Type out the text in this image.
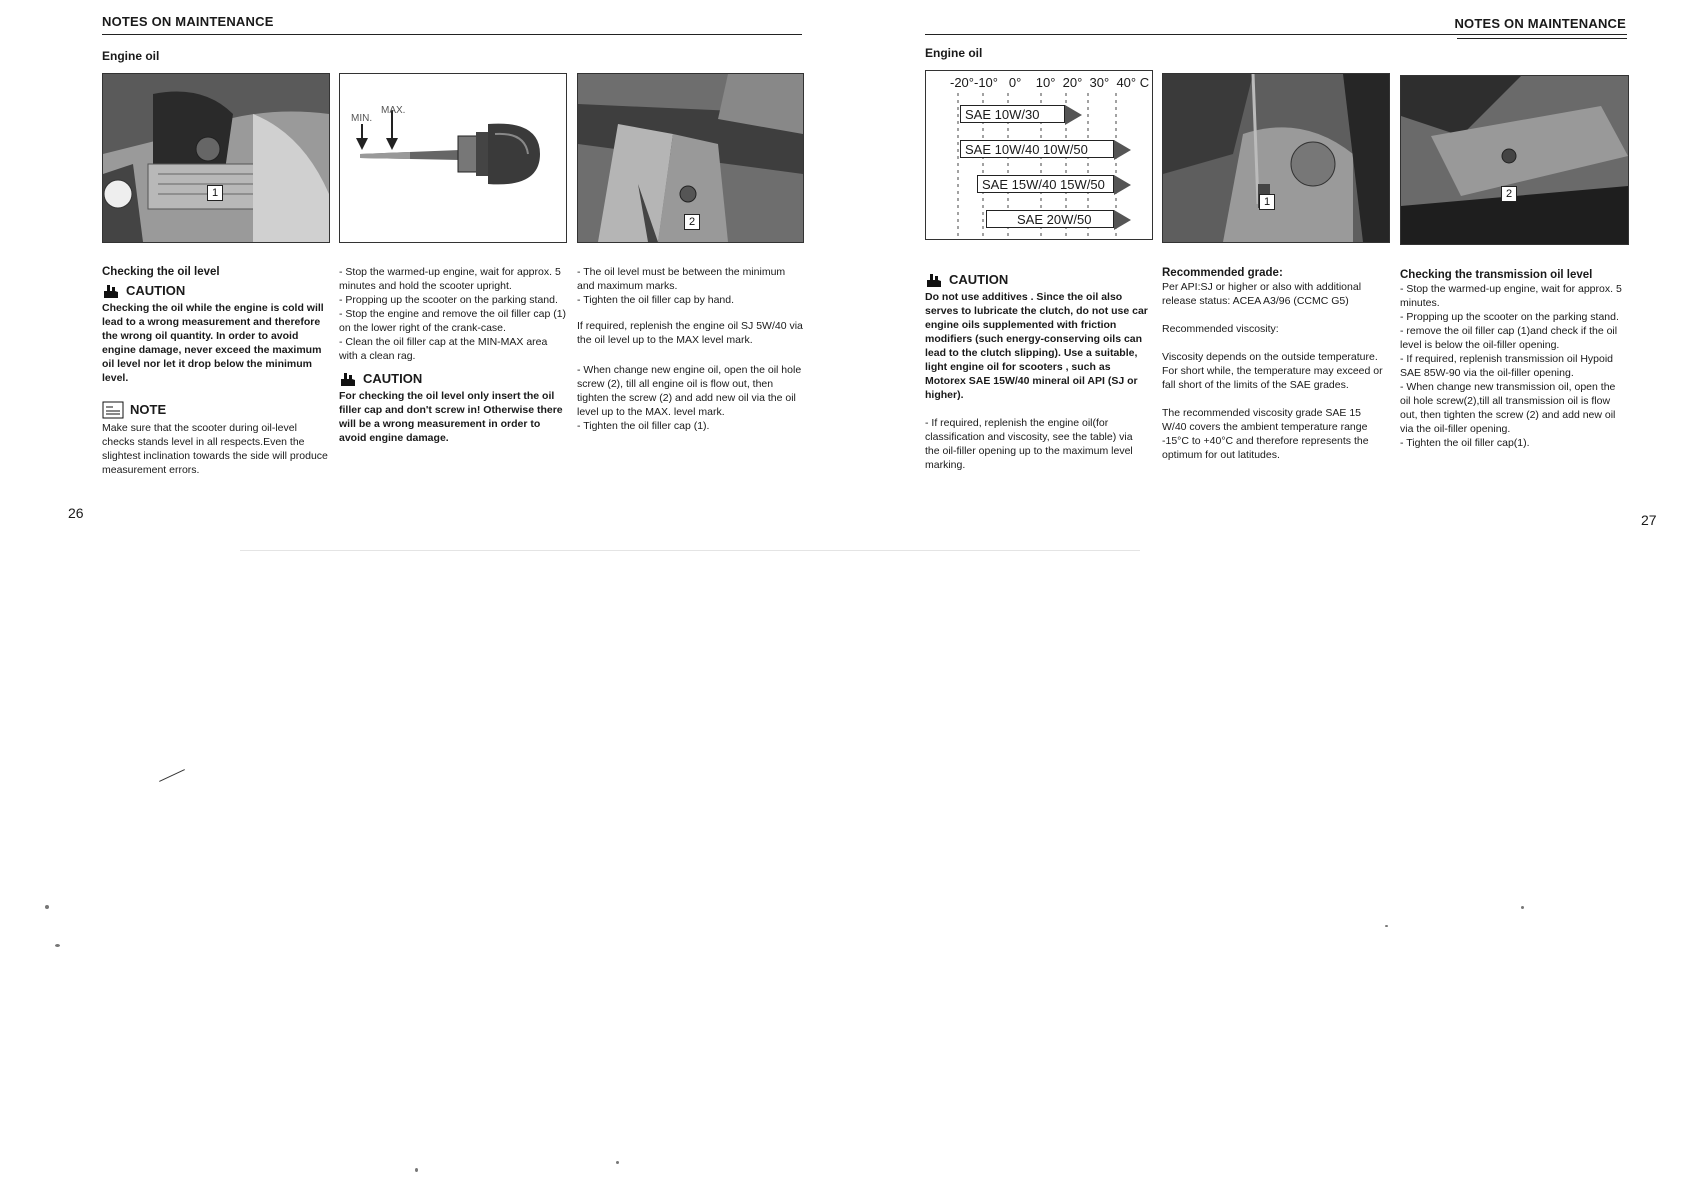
NOTES ON MAINTENANCE
Engine oil
1
MAX.
MIN.
2

Checking the oil level

CAUTION

Checking the oil while the engine is cold will lead to a wrong measurement and therefore the wrong oil quantity. In order to avoid engine damage, never exceed the maximum oil level nor let it drop below the minimum level.

NOTE

Make sure that the scooter during oil-level checks stands level in all respects.Even the slightest inclination towards the side will produce measurement errors.

- Stop the warmed-up engine, wait for approx. 5 minutes and hold the scooter upright.

- Propping up the scooter on the parking stand.

- Stop the engine and remove the oil filler cap (1) on the lower right of the crank-case.

- Clean the oil filler cap at the MIN-MAX area with a clean rag.

CAUTION

For checking the oil level only insert the oil filler cap and don't screw in! Otherwise there will be a wrong measurement in order to avoid engine damage.

- The oil level must be between the minimum and maximum marks.

- Tighten the oil filler cap by hand.

If required, replenish the engine oil SJ 5W/40 via the oil level up to the MAX level mark.

- When change new engine oil, open the oil hole screw (2), till all engine oil is flow out, then tighten the screw (2) and add new oil via the oil level up to the MAX. level mark.

- Tighten the oil filler cap (1).

26
NOTES ON MAINTENANCE
Engine oil
-20°-10° 0° 10° 20° 30° 40° C
SAE 10W/30
SAE 10W/40 10W/50
SAE 15W/40 15W/50
SAE 20W/50
1
2
CAUTION

Do not use additives . Since the oil also serves to lubricate the clutch, do not use car engine oils supplemented with friction modifiers (such energy-conserving oils can lead to the clutch slipping). Use a suitable, light engine oil for scooters , such as Motorex SAE 15W/40 mineral oil API (SJ or higher).

- If required, replenish the engine oil(for classification and viscosity, see the table) via the oil-filler opening up to the maximum level marking.

Recommended grade:

Per API:SJ or higher or also with additional release status: ACEA A3/96 (CCMC G5)

Recommended viscosity:

Viscosity depends on the outside temperature. For short while, the temperature may exceed or fall short of the limits of the SAE grades.

The recommended viscosity grade SAE 15 W/40 covers the ambient temperature range -15°C to +40°C and therefore represents the optimum for out latitudes.

Checking the transmission oil level

- Stop the warmed-up engine, wait for approx. 5 minutes.

- Propping up the scooter on the parking stand.

- remove the oil filler cap (1)and check if the oil level is below the oil-filler opening.

- If required, replenish transmission oil Hypoid SAE 85W-90 via the oil-filler opening.

- When change new transmission oil, open the oil hole screw(2),till all transmission oil is flow out, then tighten the screw (2) and add new oil via the oil-filler opening.

- Tighten the oil filler cap(1).

27
